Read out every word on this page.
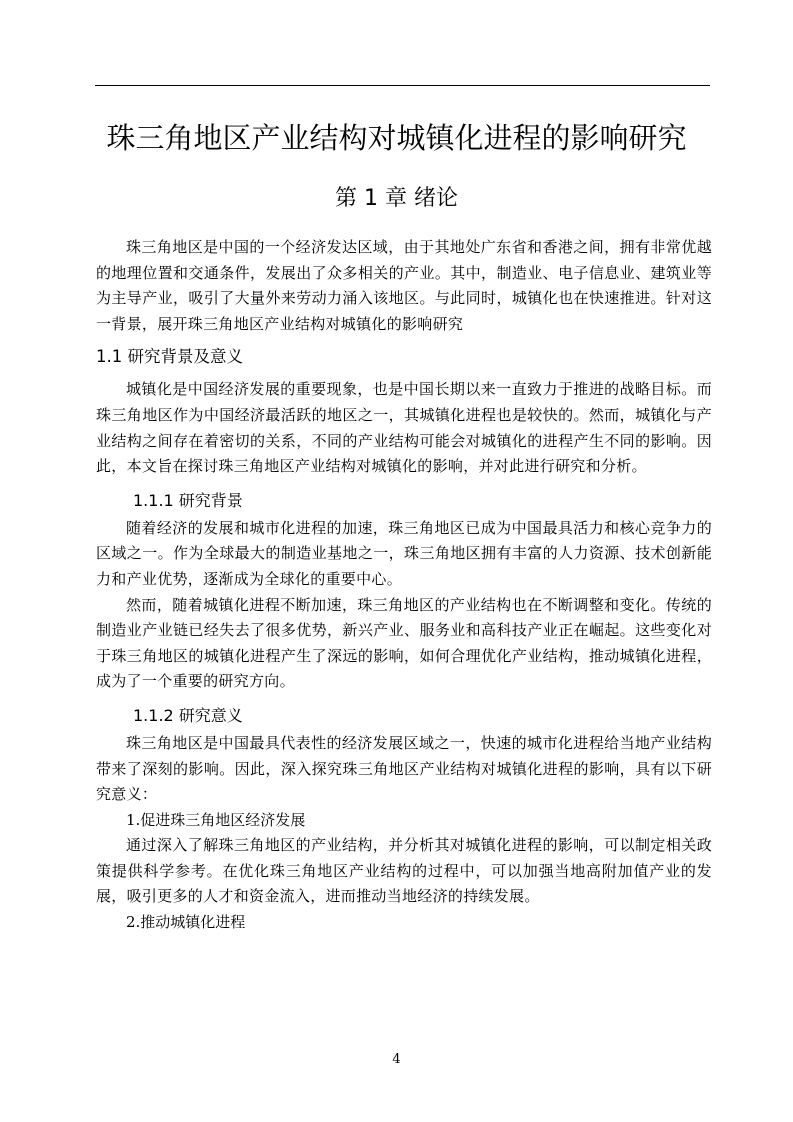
珠三角地区产业结构对城镇化进程的影响研究
第 1 章 绪论

珠三角地区是中国的一个经济发达区域，由于其地处广东省和香港之间，拥有非常优越的地理位置和交通条件，发展出了众多相关的产业。其中，制造业、电子信息业、建筑业等为主导产业，吸引了大量外来劳动力涌入该地区。与此同时，城镇化也在快速推进。针对这一背景，展开珠三角地区产业结构对城镇化的影响研究

1.1 研究背景及意义

城镇化是中国经济发展的重要现象，也是中国长期以来一直致力于推进的战略目标。而珠三角地区作为中国经济最活跃的地区之一，其城镇化进程也是较快的。然而，城镇化与产业结构之间存在着密切的关系，不同的产业结构可能会对城镇化的进程产生不同的影响。因此，本文旨在探讨珠三角地区产业结构对城镇化的影响，并对此进行研究和分析。

1.1.1 研究背景

随着经济的发展和城市化进程的加速，珠三角地区已成为中国最具活力和核心竞争力的区域之一。作为全球最大的制造业基地之一，珠三角地区拥有丰富的人力资源、技术创新能力和产业优势，逐渐成为全球化的重要中心。

然而，随着城镇化进程不断加速，珠三角地区的产业结构也在不断调整和变化。传统的制造业产业链已经失去了很多优势，新兴产业、服务业和高科技产业正在崛起。这些变化对于珠三角地区的城镇化进程产生了深远的影响，如何合理优化产业结构，推动城镇化进程，成为了一个重要的研究方向。

1.1.2 研究意义

珠三角地区是中国最具代表性的经济发展区域之一，快速的城市化进程给当地产业结构带来了深刻的影响。因此，深入探究珠三角地区产业结构对城镇化进程的影响，具有以下研究意义：

1.促进珠三角地区经济发展

通过深入了解珠三角地区的产业结构，并分析其对城镇化进程的影响，可以制定相关政策提供科学参考。在优化珠三角地区产业结构的过程中，可以加强当地高附加值产业的发展，吸引更多的人才和资金流入，进而推动当地经济的持续发展。

2.推动城镇化进程

4
